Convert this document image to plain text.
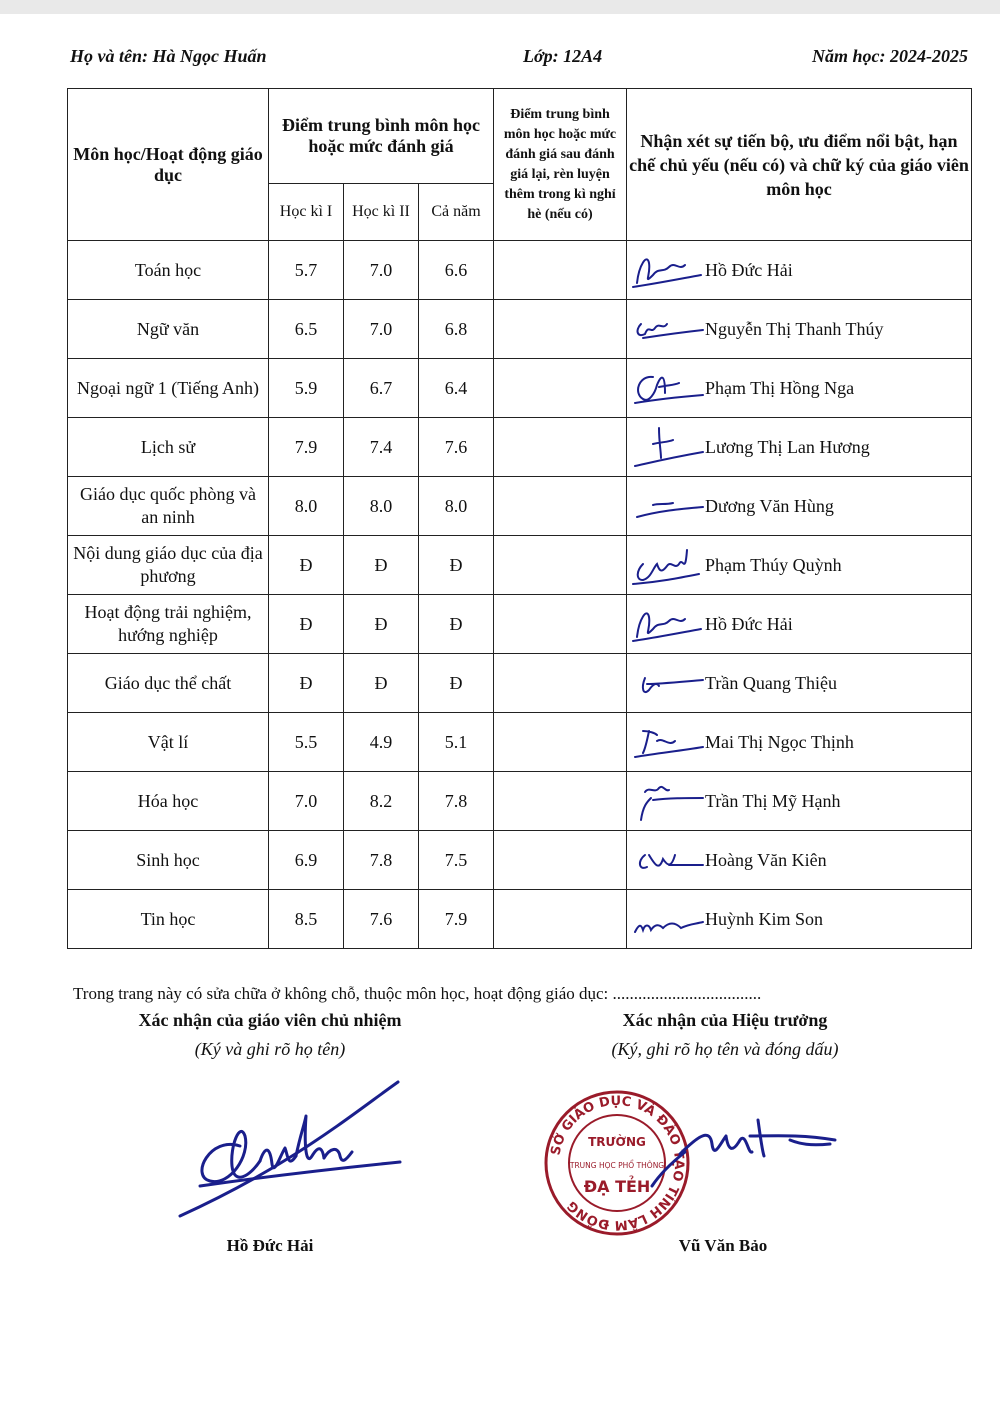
Họ và tên: Hà Ngọc Huấn	Lớp: 12A4	Năm học: 2024-2025
Môn học/Hoạt động giáo dục	Điểm trung bình môn học hoặc mức đánh giá			Điểm trung bình môn học hoặc mức đánh giá sau đánh giá lại, rèn luyện thêm trong kì nghỉ hè (nếu có)	Nhận xét sự tiến bộ, ưu điểm nổi bật, hạn chế chủ yếu (nếu có) và chữ ký của giáo viên môn học
	Học kì I	Học kì II	Cả năm		
Toán học	5.7	7.0	6.6		Hồ Đức Hải

Ngữ văn	6.5	7.0	6.8		Nguyễn Thị Thanh Thúy

Ngoại ngữ 1 (Tiếng Anh)	5.9	6.7	6.4		Phạm Thị Hồng Nga

Lịch sử	7.9	7.4	7.6		Lương Thị Lan Hương

Giáo dục quốc phòng và an ninh	8.0	8.0	8.0		Dương Văn Hùng

Nội dung giáo dục của địa phương	Đ	Đ	Đ		Phạm Thúy Quỳnh

Hoạt động trải nghiệm, hướng nghiệp	Đ	Đ	Đ		Hồ Đức Hải

Giáo dục thể chất	Đ	Đ	Đ		Trần Quang Thiệu

Vật lí	5.5	4.9	5.1		Mai Thị Ngọc Thịnh

Hóa học	7.0	8.2	7.8		Trần Thị Mỹ Hạnh

Sinh học	6.9	7.8	7.5		Hoàng Văn Kiên

Tin học	8.5	7.6	7.9		Huỳnh Kim Son
Trong trang này có sửa chữa ở không chỗ, thuộc môn học, hoạt động giáo dục: ...................................
Xác nhận của giáo viên chủ nhiệm
(Ký và ghi rõ họ tên)
Xác nhận của Hiệu trưởng
(Ký, ghi rõ họ tên và đóng dấu)
SỞ GIÁO DỤC VÀ ĐÀO TẠO TỈNH LÂM ĐỒNG
TRƯỜNG
TRUNG HỌC PHỔ THÔNG
ĐẠ TẺH
Hồ Đức Hải	Vũ Văn Bảo
